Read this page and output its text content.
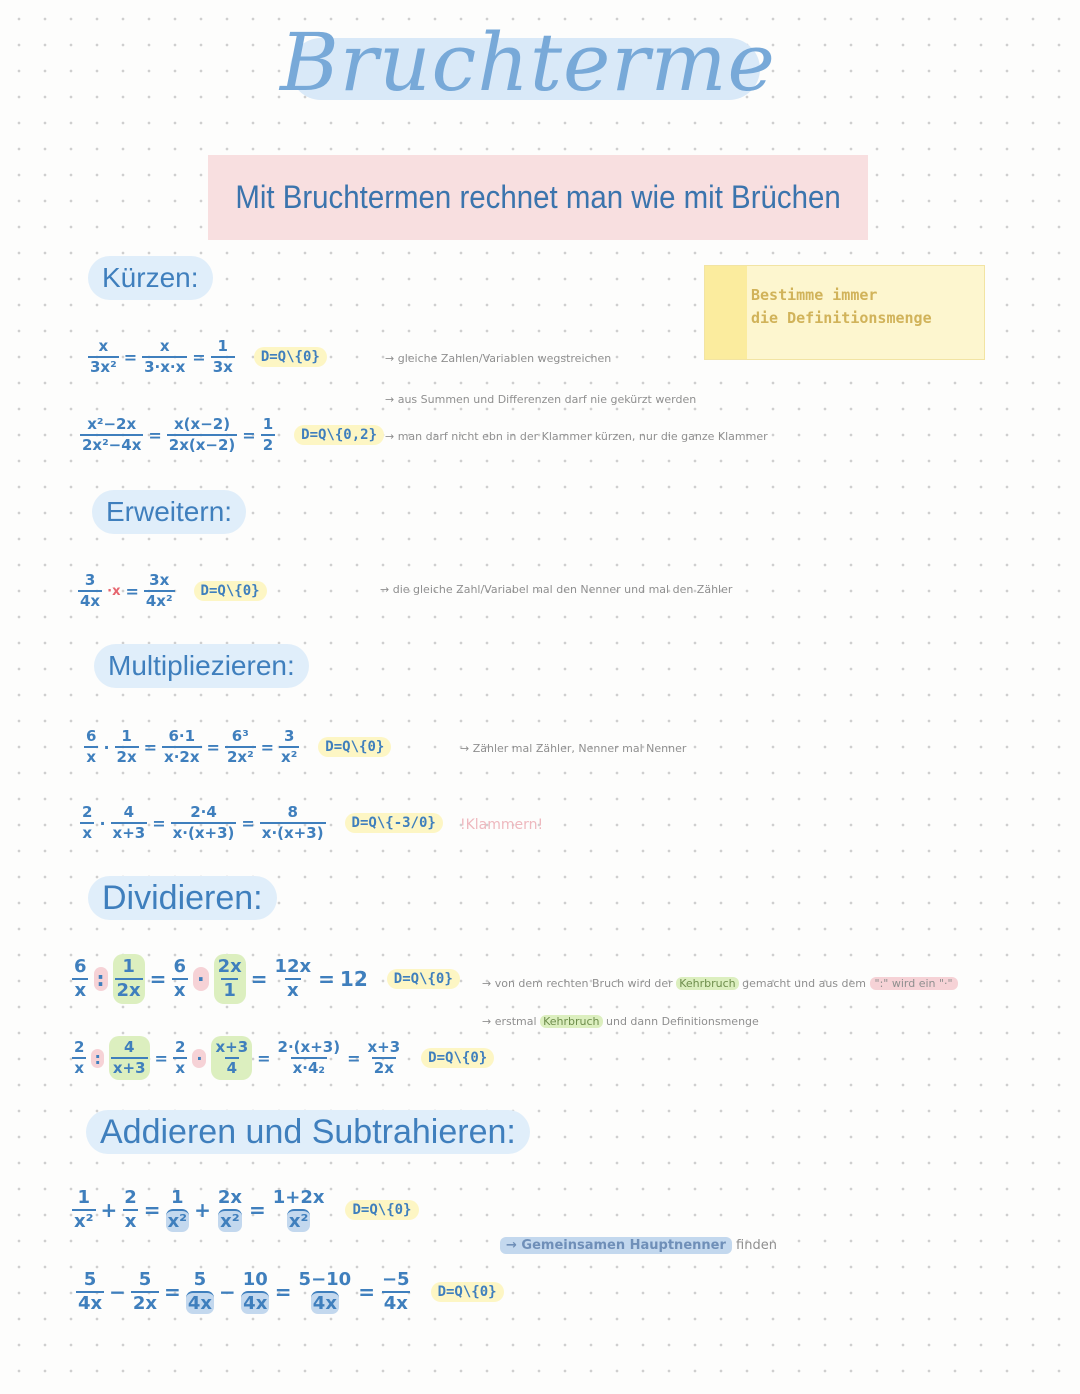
Bruchterme
Mit Bruchtermen rechnet man wie mit Brüchen
Bestimme immer
die Definitionsmenge
Kürzen:
$\frac{x}{\text{3x²}} = \frac{x}{3\cdot x\cdot x} = \frac{1}{3x}$	D=Q\{0}	→ gleiche Zahlen/Variablen wegstreichen
→ aus Summen und Differenzen darf nie gekürzt werden
$\frac{\text{x²−2x}}{\text{2x²−4x}} = \frac{x(x-2)}{2x(x-2)} = \frac{1}{2}$	D=Q\{0,2} → man darf nicht ebn in der Klammer kürzen, nur die ganze Klammer
Erweitern:
$\frac{3}{4x} \cdot x = \frac{3x}{\text{4x²}}$	D=Q\{0}	→ die gleiche Zahl/Variabel mal den Nenner und mal den Zähler
Multipliezieren:
$\frac{6}{x} \cdot \frac{1}{2x} = \frac{6\cdot 1}{x\cdot 2x} = \frac{\text{6³}}{\text{2x²}} = \frac{3}{\text{x²}}$	D=Q\{0}	→ Zähler mal Zähler, Nenner mal Nenner
$\frac{2}{x} \cdot \frac{4}{x+3} = \frac{2\cdot 4}{x\cdot(x+3)} = \frac{8}{x\cdot(x+3)}$	D=Q\{-3/0}	!Klammern!
Dividieren:
$\frac{6}{x}$ : $\frac{1}{2x} = \frac{6}{x} \cdot \frac{2x}{1} = \frac{12x}{x} = 12$	D=Q\{0}	→ von dem rechten Bruch wird der Kehrbruch gemacht und aus dem ":" wird ein "·"
→ erstmal Kehrbruch und dann Definitionsmenge
$\frac{2}{x}$ : $\frac{4}{x+3} = \frac{2}{x} \cdot \frac{x+3}{4} = \frac{2\cdot(x+3)}{\text{x·4₂}} = \frac{x+3}{2x}$	D=Q\{0}
Addieren und Subtrahieren:
$\frac{1}{\text{x²}} + \frac{2}{x} = \frac{1}{\text{x²}} + \frac{2x}{\text{x²}} = \frac{1+2x}{\text{x²}}$	D=Q\{0}
→ Gemeinsamen Hauptnenner finden
$\frac{5}{4x} - \frac{5}{2x} = \frac{5}{4x} - \frac{10}{4x} = \frac{5-10}{4x} = \frac{-5}{4x}$	D=Q\{0}
